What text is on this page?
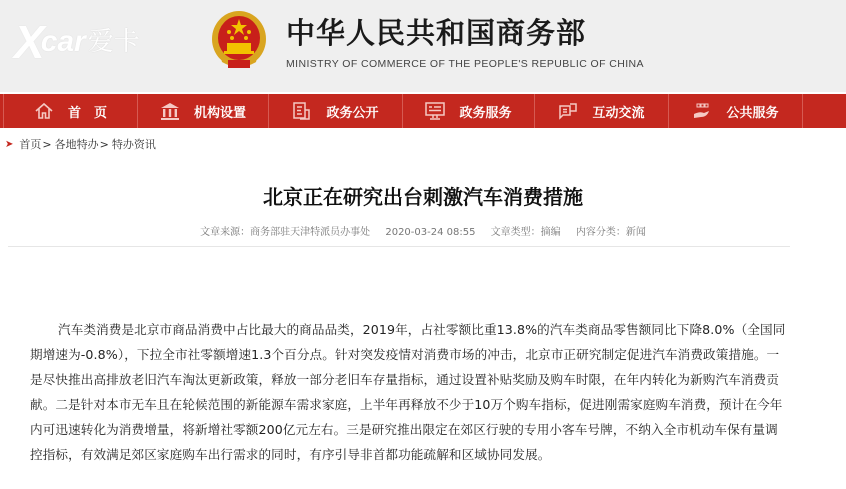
X
car 爱卡	中华人民共和国商务部
MINISTRY OF COMMERCE OF THE PEOPLE'S REPUBLIC OF CHINA
首　页	机构设置	政务公开	政务服务	互动交流	公共服务
➤ 首页 > 各地特办 > 特办资讯
北京正在研究出台刺激汽车消费措施
文章来源：商务部驻天津特派员办事处 2020-03-24 08:55 文章类型：摘编 内容分类：新闻

汽车类消费是北京市商品消费中占比最大的商品品类，2019年，占社零额比重13.8%的汽车类商品零售额同比下降8.0%（全国同期增速为-0.8%），下拉全市社零额增速1.3个百分点。针对突发疫情对消费市场的冲击，北京市正研究制定促进汽车消费政策措施。一是尽快推出高排放老旧汽车淘汰更新政策，释放一部分老旧车存量指标，通过设置补贴奖励及购车时限，在年内转化为新购汽车消费贡献。二是针对本市无车且在轮候范围的新能源车需求家庭，上半年再释放不少于10万个购车指标，促进刚需家庭购车消费，预计在今年内可迅速转化为消费增量，将新增社零额200亿元左右。三是研究推出限定在郊区行驶的专用小客车号牌，不纳入全市机动车保有量调控指标，有效满足郊区家庭购车出行需求的同时，有序引导非首都功能疏解和区域协同发展。
